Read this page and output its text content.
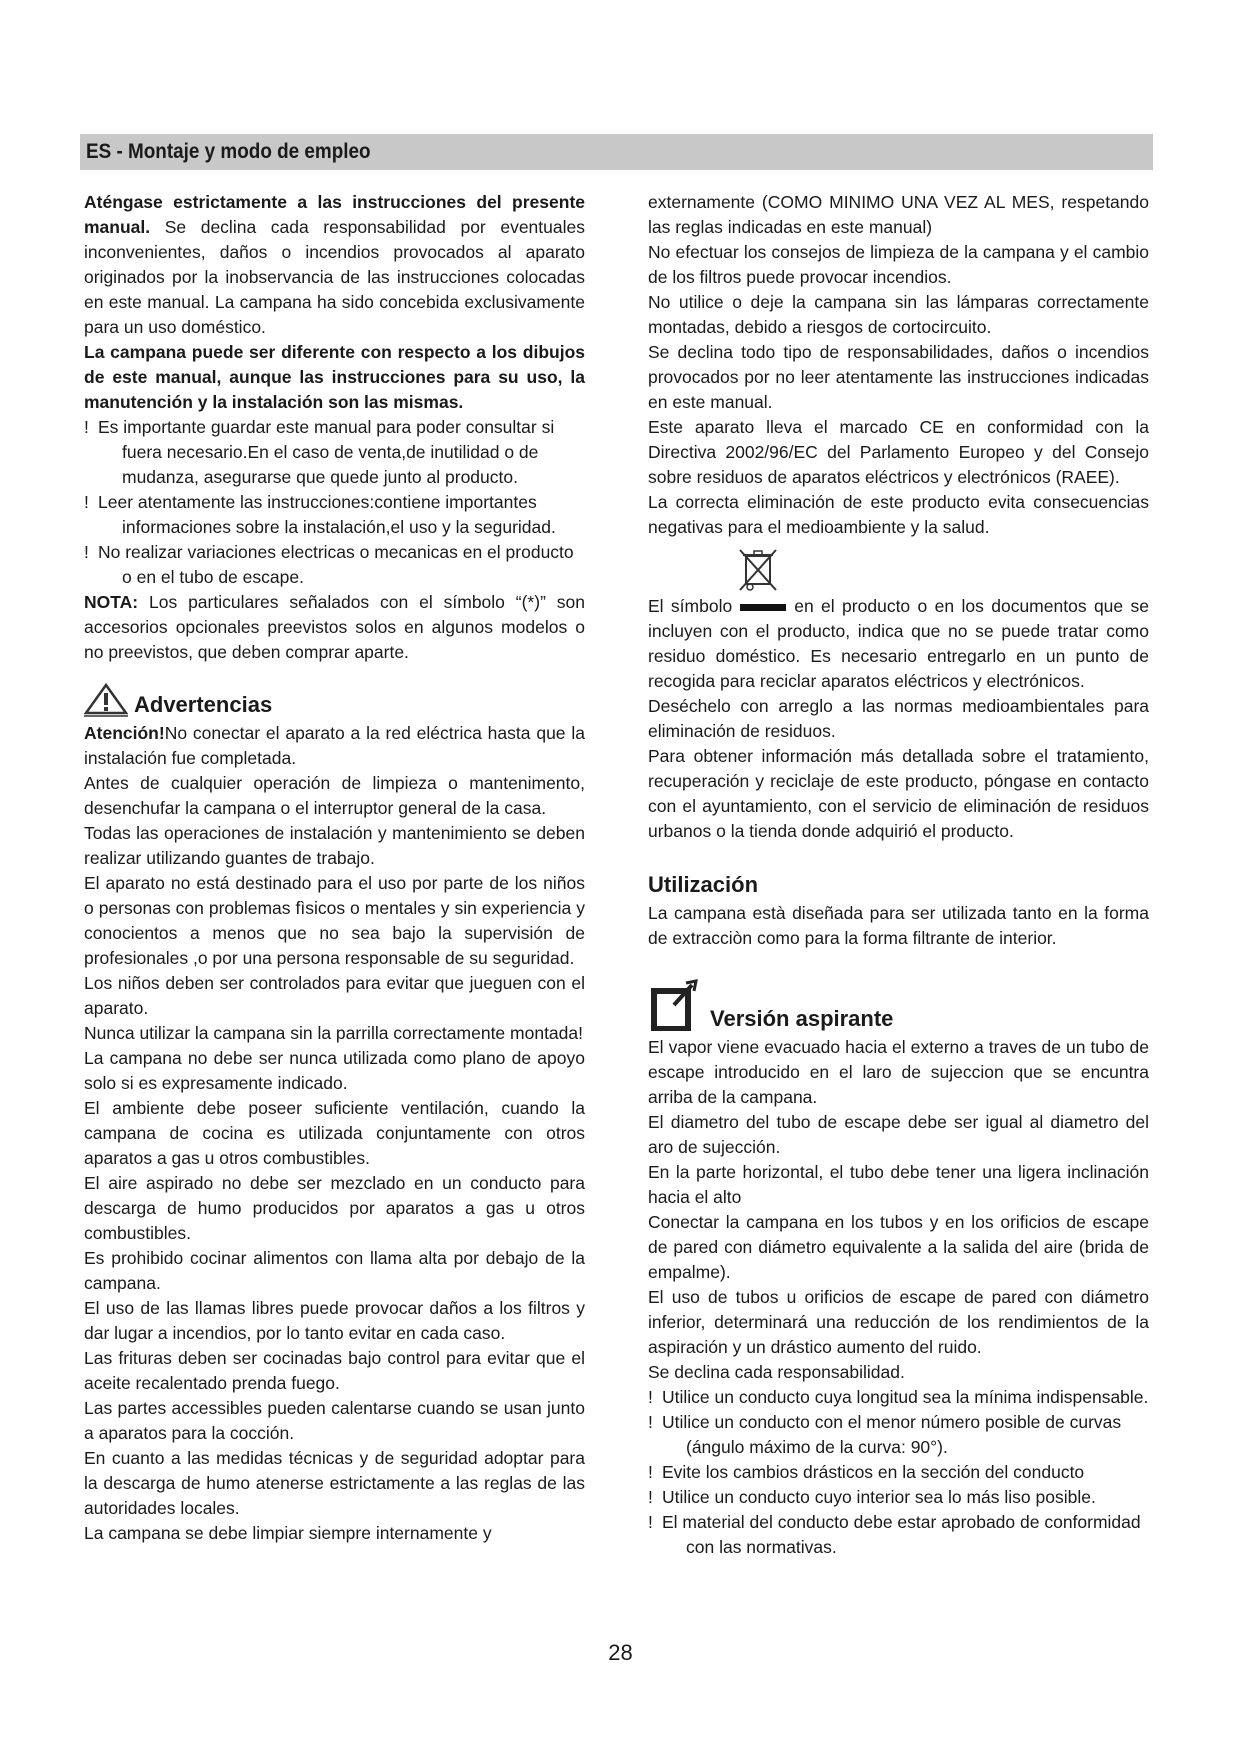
ES - Montaje y modo de empleo

Aténgase estrictamente a las instrucciones del presente manual. Se declina cada responsabilidad por eventuales inconvenientes, daños o incendios provocados al aparato originados por la inobservancia de las instrucciones colocadas en este manual. La campana ha sido concebida exclusivamente para un uso doméstico.

La campana puede ser diferente con respecto a los dibujos de este manual, aunque las instrucciones para su uso, la manutención y la instalación son las mismas.

! Es importante guardar este manual para poder consultar si fuera necesario.En el caso de venta,de inutilidad o de mudanza, asegurarse que quede junto al producto.

! Leer atentamente las instrucciones:contiene importantes informaciones sobre la instalación,el uso y la seguridad.

! No realizar variaciones electricas o mecanicas en el producto o en el tubo de escape.

NOTA: Los particulares señalados con el símbolo “(*)” son accesorios opcionales preevistos solos en algunos modelos o no preevistos, que deben comprar aparte.

Advertencias

Atención!No conectar el aparato a la red eléctrica hasta que la instalación fue completada.

Antes de cualquier operación de limpieza o mantenimento, desenchufar la campana o el interruptor general de la casa.

Todas las operaciones de instalación y mantenimiento se deben realizar utilizando guantes de trabajo.

El aparato no está destinado para el uso por parte de los niños o personas con problemas fìsicos o mentales y sin experiencia y conocientos a menos que no sea bajo la supervisión de profesionales ,o por una persona responsable de su seguridad.

Los niños deben ser controlados para evitar que jueguen con el aparato.

Nunca utilizar la campana sin la parrilla correctamente montada!

La campana no debe ser nunca utilizada como plano de apoyo solo si es expresamente indicado.

El ambiente debe poseer suficiente ventilación, cuando la campana de cocina es utilizada conjuntamente con otros aparatos a gas u otros combustibles.

El aire aspirado no debe ser mezclado en un conducto para descarga de humo producidos por aparatos a gas u otros combustibles.

Es prohibido cocinar alimentos con llama alta por debajo de la campana.

El uso de las llamas libres puede provocar daños a los filtros y dar lugar a incendios, por lo tanto evitar en cada caso.

Las frituras deben ser cocinadas bajo control para evitar que el aceite recalentado prenda fuego.

Las partes accessibles pueden calentarse cuando se usan junto a aparatos para la cocción.

En cuanto a las medidas técnicas y de seguridad adoptar para la descarga de humo atenerse estrictamente a las reglas de las autoridades locales.

La campana se debe limpiar siempre internamente y

externamente (COMO MINIMO UNA VEZ AL MES, respetando las reglas indicadas en este manual)

No efectuar los consejos de limpieza de la campana y el cambio de los filtros puede provocar incendios.

No utilice o deje la campana sin las lámparas correctamente montadas, debido a riesgos de cortocircuito.

Se declina todo tipo de responsabilidades, daños o incendios provocados por no leer atentamente las instrucciones indicadas en este manual.

Este aparato lleva el marcado CE en conformidad con la Directiva 2002/96/EC del Parlamento Europeo y del Consejo sobre residuos de aparatos eléctricos y electrónicos (RAEE).

La correcta eliminación de este producto evita consecuencias negativas para el medioambiente y la salud.

El símbolo	en el producto o en los documentos que se incluyen con el producto, indica que no se puede tratar como residuo doméstico. Es necesario entregarlo en un punto de recogida para reciclar aparatos eléctricos y electrónicos.

Deséchelo con arreglo a las normas medioambientales para eliminación de residuos.

Para obtener información más detallada sobre el tratamiento, recuperación y reciclaje de este producto, póngase en contacto con el ayuntamiento, con el servicio de eliminación de residuos urbanos o la tienda donde adquirió el producto.

Utilización

La campana està diseñada para ser utilizada tanto en la forma de extracciòn como para la forma filtrante de interior.

Versión aspirante

El vapor viene evacuado hacia el externo a traves de un tubo de escape introducido en el laro de sujeccion que se encuntra arriba de la campana.

El diametro del tubo de escape debe ser igual al diametro del aro de sujección.

En la parte horizontal, el tubo debe tener una ligera inclinación hacia el alto

Conectar la campana en los tubos y en los orificios de escape de pared con diámetro equivalente a la salida del aire (brida de empalme).

El uso de tubos u orificios de escape de pared con diámetro inferior, determinará una reducción de los rendimientos de la aspiración y un drástico aumento del ruido.

Se declina cada responsabilidad.

! Utilice un conducto cuya longitud sea la mínima indispensable.

! Utilice un conducto con el menor número posible de curvas (ángulo máximo de la curva: 90°).

! Evite los cambios drásticos en la sección del conducto

! Utilice un conducto cuyo interior sea lo más liso posible.

! El material del conducto debe estar aprobado de conformidad con las normativas.

28
